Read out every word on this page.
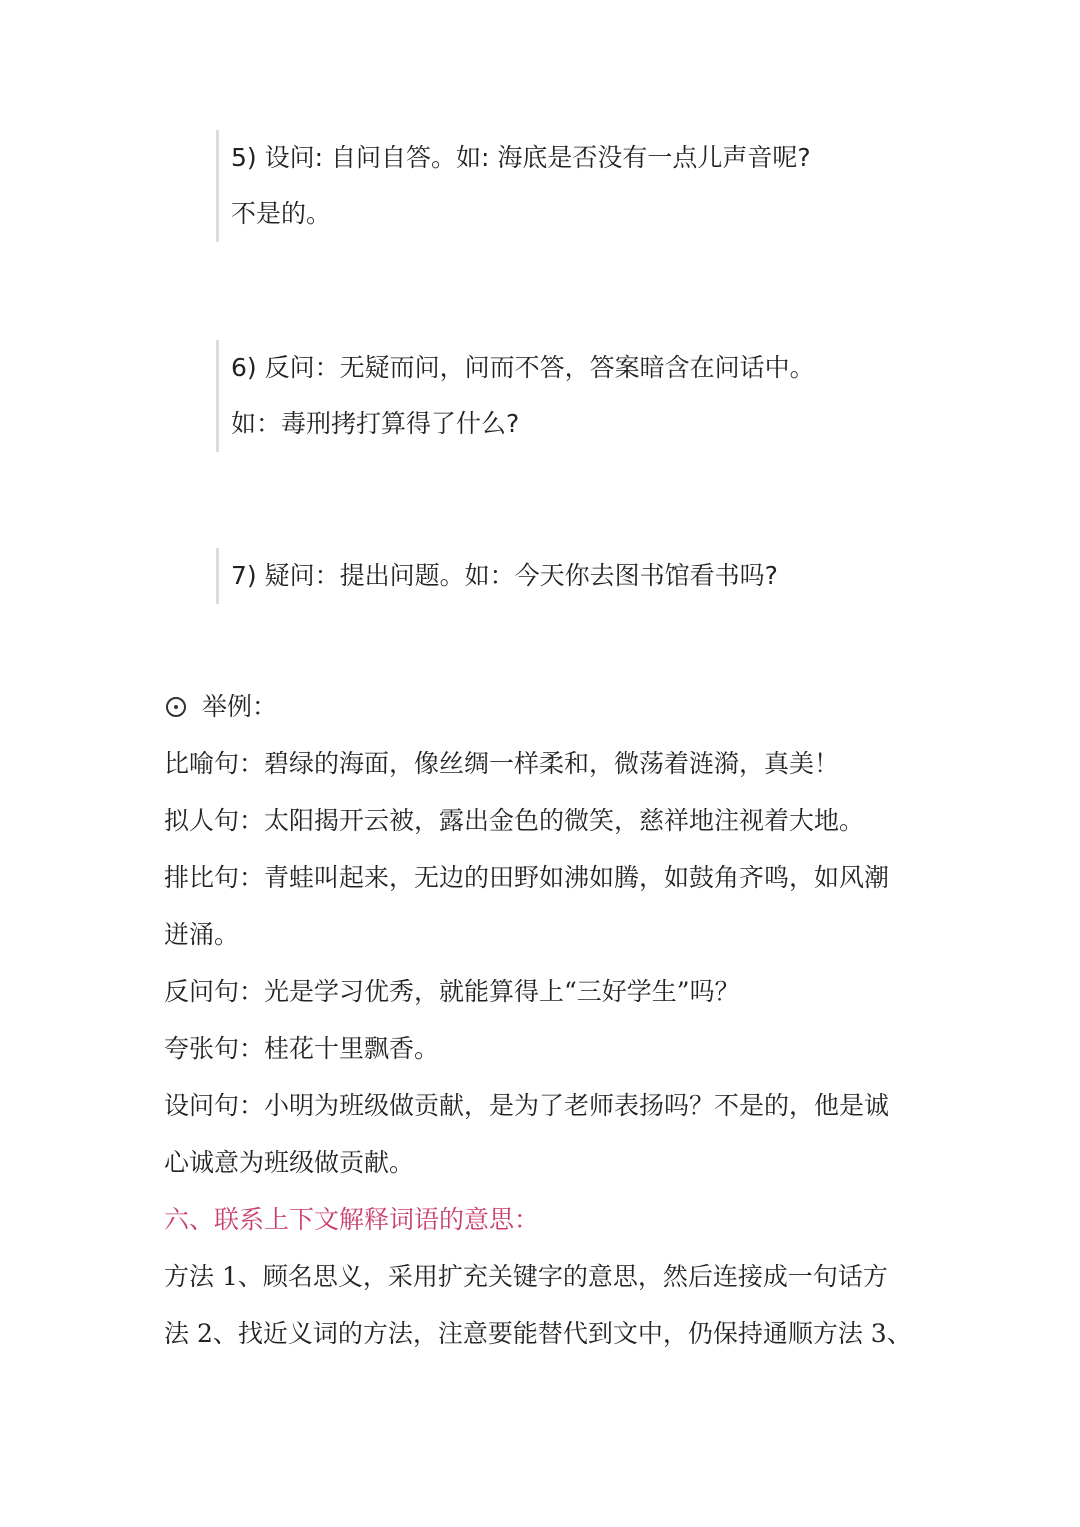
5) 设问: 自问自答。如: 海底是否没有一点儿声音呢?
不是的。
6) 反问：无疑而问，问而不答，答案暗含在问话中。
如：毒刑拷打算得了什么?
7) 疑问：提出问题。如：今天你去图书馆看书吗?
举例：
比喻句：碧绿的海面，像丝绸一样柔和，微荡着涟漪，真美！
拟人句：太阳揭开云被，露出金色的微笑，慈祥地注视着大地。
排比句：青蛙叫起来，无边的田野如沸如腾，如鼓角齐鸣，如风潮
迸涌。
反问句：光是学习优秀，就能算得上“三好学生”吗？
夸张句：桂花十里飘香。
设问句：小明为班级做贡献，是为了老师表扬吗？不是的，他是诚
心诚意为班级做贡献。
六、联系上下文解释词语的意思：
方法 1、顾名思义，采用扩充关键字的意思，然后连接成一句话方
法 2、找近义词的方法，注意要能替代到文中，仍保持通顺方法 3、
